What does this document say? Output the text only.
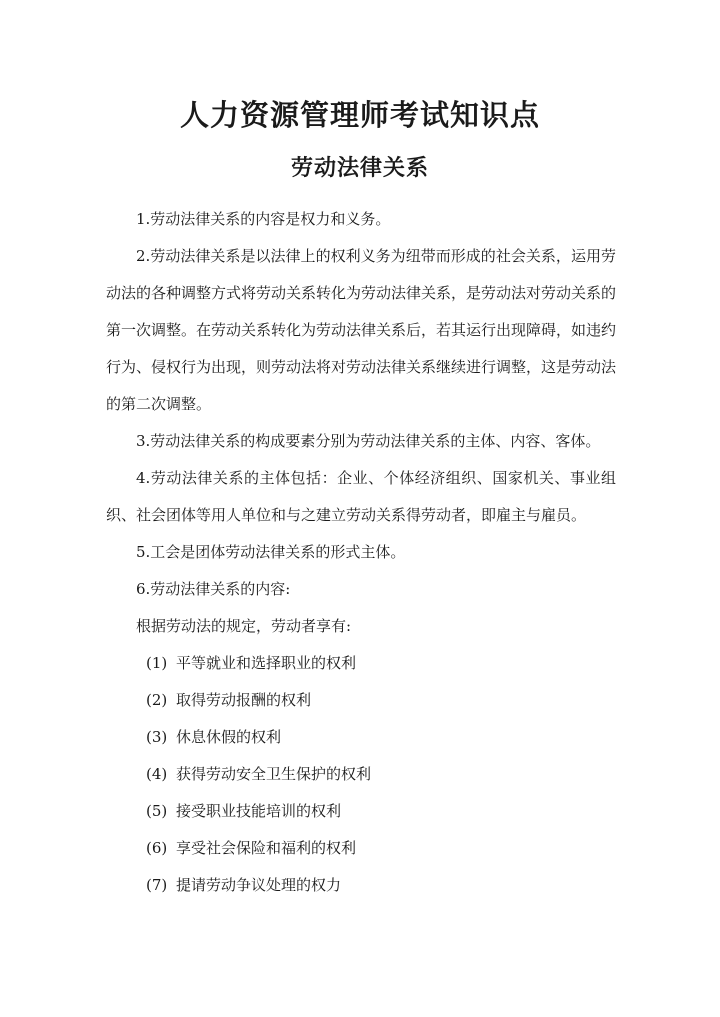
人力资源管理师考试知识点
劳动法律关系

1.劳动法律关系的内容是权力和义务。

2.劳动法律关系是以法律上的权利义务为纽带而形成的社会关系，运用劳动法的各种调整方式将劳动关系转化为劳动法律关系，是劳动法对劳动关系的第一次调整。在劳动关系转化为劳动法律关系后，若其运行出现障碍，如违约行为、侵权行为出现，则劳动法将对劳动法律关系继续进行调整，这是劳动法的第二次调整。

3.劳动法律关系的构成要素分别为劳动法律关系的主体、内容、客体。

4.劳动法律关系的主体包括：企业、个体经济组织、国家机关、事业组织、社会团体等用人单位和与之建立劳动关系得劳动者，即雇主与雇员。

5.工会是团体劳动法律关系的形式主体。

6.劳动法律关系的内容:

根据劳动法的规定，劳动者享有:

(1) 平等就业和选择职业的权利

(2) 取得劳动报酬的权利

(3) 休息休假的权利

(4) 获得劳动安全卫生保护的权利

(5) 接受职业技能培训的权利

(6) 享受社会保险和福利的权利

(7) 提请劳动争议处理的权力
